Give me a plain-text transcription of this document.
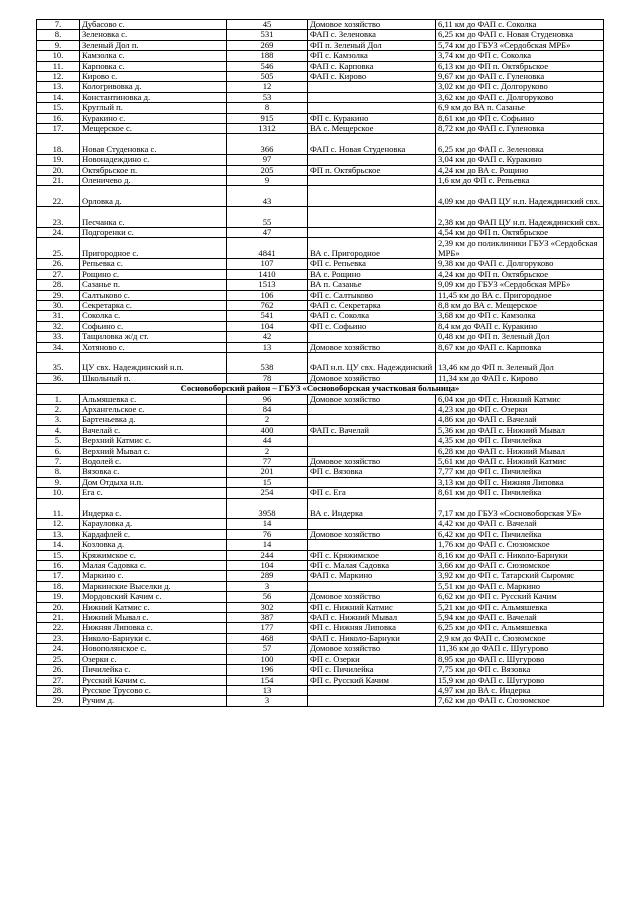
7.	Дубасово с.	45	Домовое хозяйство	6,11 км до ФАП с. Соколка
8.	Зеленовка с.	531	ФАП с. Зеленовка	6,25 км до ФАП с. Новая Студеновка
9.	Зеленый Дол п.	269	ФП п. Зеленый Дол	5,74 км до ГБУЗ «Сердобская МРБ»
10.	Камзолка с.	188	ФП с. Камзолка	3,74 км до ФП с. Соколка
11.	Карповка с.	546	ФАП с. Карповка	6,13 км до ФП п. Октябрьское
12.	Кирово с.	505	ФАП с. Кирово	9,67 км до ФАП с. Гуленовка
13.	Кологривовка д.	12		3,02 км до ФП с. Долгоруково
14.	Константиновка д.	53		3,62 км до ФАП с. Долгоруково
15.	Круглый п.	8		6,9 км до ВА п. Сазанье
16.	Куракино с.	915	ФП с. Куракино	8,61 км до ФП с. Софьино
17.	Мещерское с.	1312	ВА с. Мещерское	8,72 км до ФАП с. Гуленовка
18.	Новая Студеновка с.	366	ФАП с. Новая Студеновка	6,25 км до ФАП с. Зеленовка
19.	Новонадеждино с.	97		3,04 км до ФАП с. Куракино
20.	Октябрьское п.	205	ФП п. Октябрьское	4,24 км до ВА с. Рощино
21.	Оленичево д.	9		1,6 км до ФП с. Репьевка
22.	Орловка д.	43		4,09 км до ФАП ЦУ н.п. Надеждинский свх.
23.	Песчанка с.	55		2,38 км до ФАП ЦУ н.п. Надеждинский свх.
24.	Подгоренки с.	47		4,54 км до ФП п. Октябрьское
25.	Пригородное с.	4841	ВА с. Пригородное	2,39 км до поликлиники ГБУЗ «Сердобская МРБ»
26.	Репьевка с.	107	ФП с. Репьевка	9,38 км до ФАП с. Долгоруково
27.	Рощино с.	1410	ВА с. Рощино	4,24 км до ФП п. Октябрьское
28.	Сазанье п.	1513	ВА п. Сазанье	9,09 км до ГБУЗ «Сердобская МРБ»
29.	Салтыково с.	106	ФП с. Салтыково	11,45 км до ВА с. Пригородное
30.	Секретарка с.	762	ФАП с. Секретарка	8,8 км до ВА с. Мещерское
31.	Соколка с.	541	ФАП с. Соколка	3,68 км до ФП с. Камзолка
32.	Софьино с.	104	ФП с. Софьино	8,4 км до ФАП с. Куракино
33.	Тащиловка ж/д ст.	42		0,48 км до ФП п. Зеленый Дол
34.	Хотяново с.	13	Домовое хозяйство	8,67 км до ФАП с. Карповка
35.	ЦУ свх. Надеждинский н.п.	538	ФАП н.п. ЦУ свх. Надеждинский	13,46 км до ФП п. Зеленый Дол
36.	Школьный п.	78	Домовое хозяйство	11,34 км до ФАП с. Кирово
Сосновоборский район – ГБУЗ «Сосновоборская участковая больница»				
1.	Альмяшевка с.	96	Домовое хозяйство	6,04 км до ФП с. Нижний Катмис
2.	Архангельское с.	84		4,23 км до ФП с. Озерки
3.	Бартеньевка д.	2		4,86 км до ФАП с. Вачелай
4.	Вачелай с.	400	ФАП с. Вачелай	5,36 км до ФАП с. Нижний Мывал
5.	Верхний Катмис с.	44		4,35 км до ФП с. Пичилейка
6.	Верхний Мывал с.	2		6,28 км до ФАП с. Нижний Мывал
7.	Водолей с.	77	Домовое хозяйство	5,61 км до ФАП с. Нижний Катмис
8.	Вязовка с.	201	ФП с. Вязовка	7,77 км до ФП с. Пичилейка
9.	Дом Отдыха н.п.	15		3,13 км до ФП с. Нижняя Липовка
10.	Ега с.	254	ФП с. Ега	8,61 км до ФП с. Пичилейка
11.	Индерка с.	3958	ВА с. Индерка	7,17 км до ГБУЗ «Сосновоборская УБ»
12.	Карауловка д.	14		4,42 км до ФАП с. Вачелай
13.	Кардафлей с.	76	Домовое хозяйство	6,42 км до ФП с. Пичилейка
14.	Козловка д.	14		1,76 км до ФАП с. Сюзюмское
15.	Кряжимское с.	244	ФП с. Кряжимское	8,16 км до ФАП с. Николо-Барнуки
16.	Малая Садовка с.	104	ФП с. Малая Садовка	3,66 км до ФАП с. Сюзюмское
17.	Маркино с.	289	ФАП с. Маркино	3,92 км до ФП с. Татарский Сыромяс
18.	Маркинские Выселки д.	3		5,51 км до ФАП с. Маркино
19.	Мордовский Качим с.	56	Домовое хозяйство	6,62 км до ФП с. Русский Качим
20.	Нижний Катмис с.	302	ФП с. Нижний Катмис	5,21 км до ФП с. Альмяшевка
21.	Нижний Мывал с.	387	ФАП с. Нижний Мывал	5,94 км до ФАП с. Вачелай
22.	Нижняя Липовка с.	177	ФП с. Нижняя Липовка	6,25 км до ФП с. Альмяшевка
23.	Николо-Барнуки с.	468	ФАП с. Николо-Барнуки	2,9 км до ФАП с. Сюзюмское
24.	Новополянское с.	57	Домовое хозяйство	11,36 км до ФАП с. Шугурово
25.	Озерки с.	100	ФП с. Озерки	8,95 км до ФАП с. Шугурово
26.	Пичилейка с.	196	ФП с. Пичилейка	7,75 км до ФП с. Вязовка
27.	Русский Качим с.	154	ФП с. Русский Качим	15,9 км до ФАП с. Шугурово
28.	Русское Трусово с.	13		4,97 км до ВА с. Индерка
29.	Ручим д.	3		7,62 км до ФАП с. Сюзюмское
